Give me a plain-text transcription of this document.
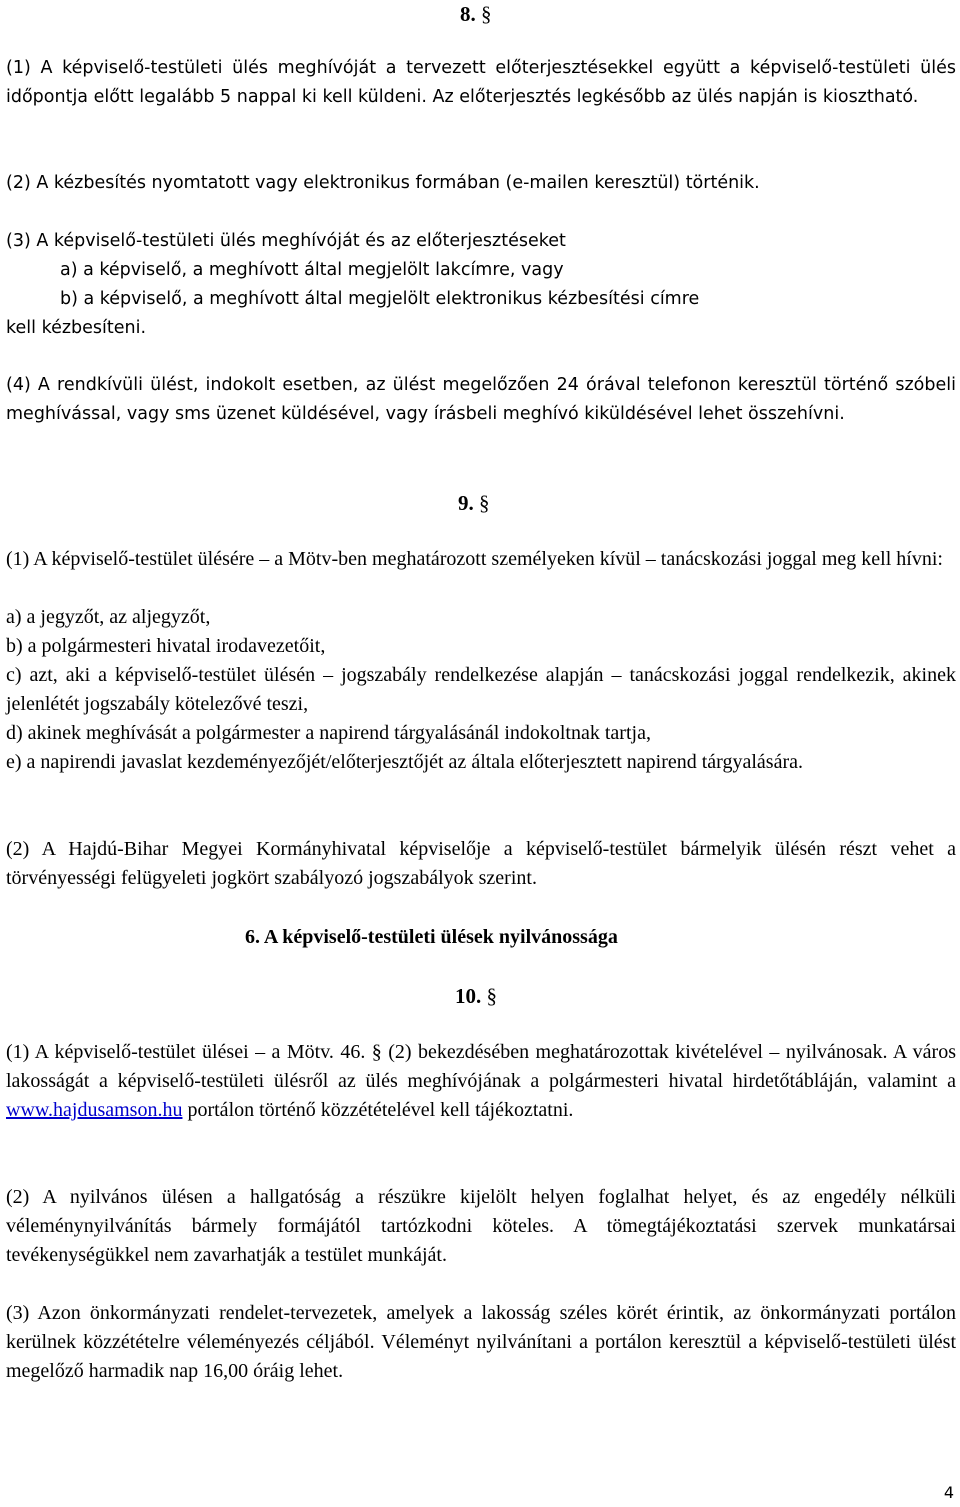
8. §

(1) A képviselő-testületi ülés meghívóját a tervezett előterjesztésekkel együtt a képviselő-testületi ülés időpontja előtt legalább 5 nappal ki kell küldeni. Az előterjesztés legkésőbb az ülés napján is kiosztható.

(2) A kézbesítés nyomtatott vagy elektronikus formában (e-mailen keresztül) történik.

(3) A képviselő-testületi ülés meghívóját és az előterjesztéseket
a) a képviselő, a meghívott által megjelölt lakcímre, vagy
b) a képviselő, a meghívott által megjelölt elektronikus kézbesítési címre
kell kézbesíteni.

(4) A rendkívüli ülést, indokolt esetben, az ülést megelőzően 24 órával telefonon keresztül történő szóbeli meghívással, vagy sms üzenet küldésével, vagy írásbeli meghívó kiküldésével lehet összehívni.

9. §

(1) A képviselő-testület ülésére – a Mötv-ben meghatározott személyeken kívül – tanácskozási joggal meg kell hívni:

a) a jegyzőt, az aljegyzőt,
b) a polgármesteri hivatal irodavezetőit,
c) azt, aki a képviselő-testület ülésén – jogszabály rendelkezése alapján – tanácskozási joggal rendelkezik, akinek jelenlétét jogszabály kötelezővé teszi,
d) akinek meghívását a polgármester a napirend tárgyalásánál indokoltnak tartja,
e) a napirendi javaslat kezdeményezőjét/előterjesztőjét az általa előterjesztett napirend tárgyalására.

(2) A Hajdú-Bihar Megyei Kormányhivatal képviselője a képviselő-testület bármelyik ülésén részt vehet a törvényességi felügyeleti jogkört szabályozó jogszabályok szerint.

6. A képviselő-testületi ülések nyilvánossága

10. §

(1) A képviselő-testület ülései – a Mötv. 46. § (2) bekezdésében meghatározottak kivételével – nyilvánosak. A város lakosságát a képviselő-testületi ülésről az ülés meghívójának a polgármesteri hivatal hirdetőtábláján, valamint a www.hajdusamson.hu portálon történő közzétételével kell tájékoztatni.

(2) A nyilvános ülésen a hallgatóság a részükre kijelölt helyen foglalhat helyet, és az engedély nélküli véleménynyilvánítás bármely formájától tartózkodni köteles. A tömegtájékoztatási szervek munkatársai tevékenységükkel nem zavarhatják a testület munkáját.

(3) Azon önkormányzati rendelet-tervezetek, amelyek a lakosság széles körét érintik, az önkormányzati portálon kerülnek közzétételre véleményezés céljából. Véleményt nyilvánítani a portálon keresztül a képviselő-testületi ülést megelőző harmadik nap 16,00 óráig lehet.

4
